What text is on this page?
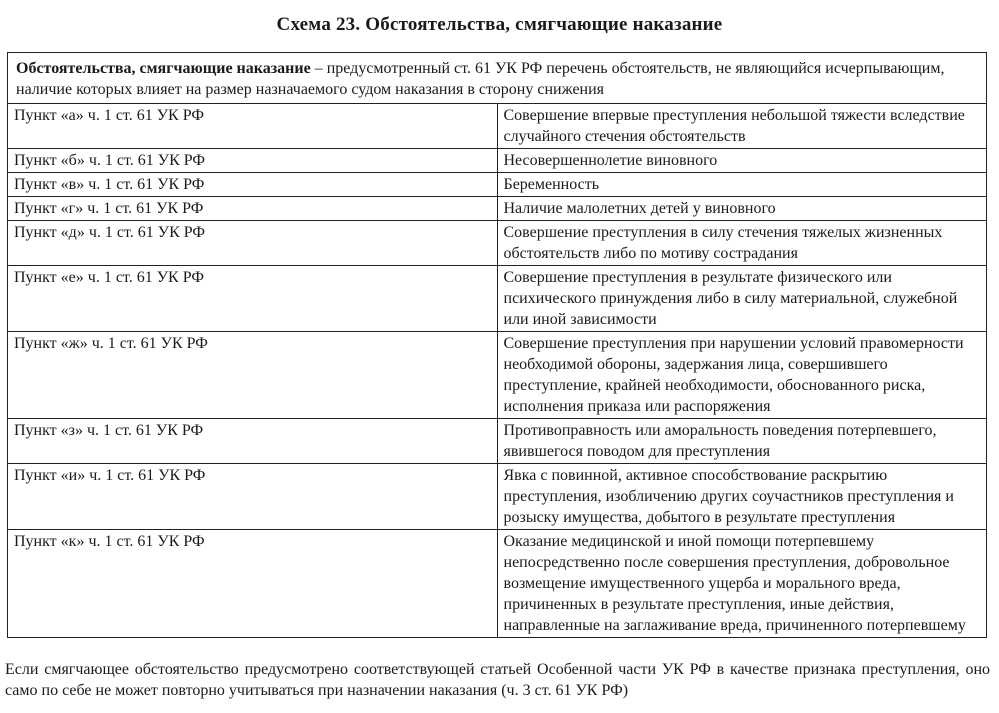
Схема 23. Обстоятельства, смягчающие наказание
Обстоятельства, смягчающие наказание – предусмотренный ст. 61 УК РФ перечень обстоятельств, не являющийся исчерпывающим, наличие которых влияет на размер назначаемого судом наказания в сторону снижения	
Пункт «а» ч. 1 ст. 61 УК РФ	Совершение впервые преступления небольшой тяжести вследствие случайного стечения обстоятельств
Пункт «б» ч. 1 ст. 61 УК РФ	Несовершеннолетие виновного
Пункт «в» ч. 1 ст. 61 УК РФ	Беременность
Пункт «г» ч. 1 ст. 61 УК РФ	Наличие малолетних детей у виновного
Пункт «д» ч. 1 ст. 61 УК РФ	Совершение преступления в силу стечения тяжелых жизненных обстоятельств либо по мотиву сострадания
Пункт «е» ч. 1 ст. 61 УК РФ	Совершение преступления в результате физического или психического принуждения либо в силу материальной, служебной или иной зависимости
Пункт «ж» ч. 1 ст. 61 УК РФ	Совершение преступления при нарушении условий правомерности необходимой обороны, задержания лица, совершившего преступление, крайней необходимости, обоснованного риска, исполнения приказа или распоряжения
Пункт «з» ч. 1 ст. 61 УК РФ	Противоправность или аморальность поведения потерпевшего, явившегося поводом для преступления
Пункт «и» ч. 1 ст. 61 УК РФ	Явка с повинной, активное способствование раскрытию преступления, изобличению других соучастников преступления и розыску имущества, добытого в результате преступления
Пункт «к» ч. 1 ст. 61 УК РФ	Оказание медицинской и иной помощи потерпевшему непосредственно после совершения преступления, добровольное возмещение имущественного ущерба и морального вреда, причиненных в результате преступления, иные действия, направленные на заглаживание вреда, причиненного потерпевшему
Если смягчающее обстоятельство предусмотрено соответствующей статьей Особенной части УК РФ в качестве признака преступления, оно само по себе не может повторно учитываться при назначении наказания (ч. 3 ст. 61 УК РФ)
